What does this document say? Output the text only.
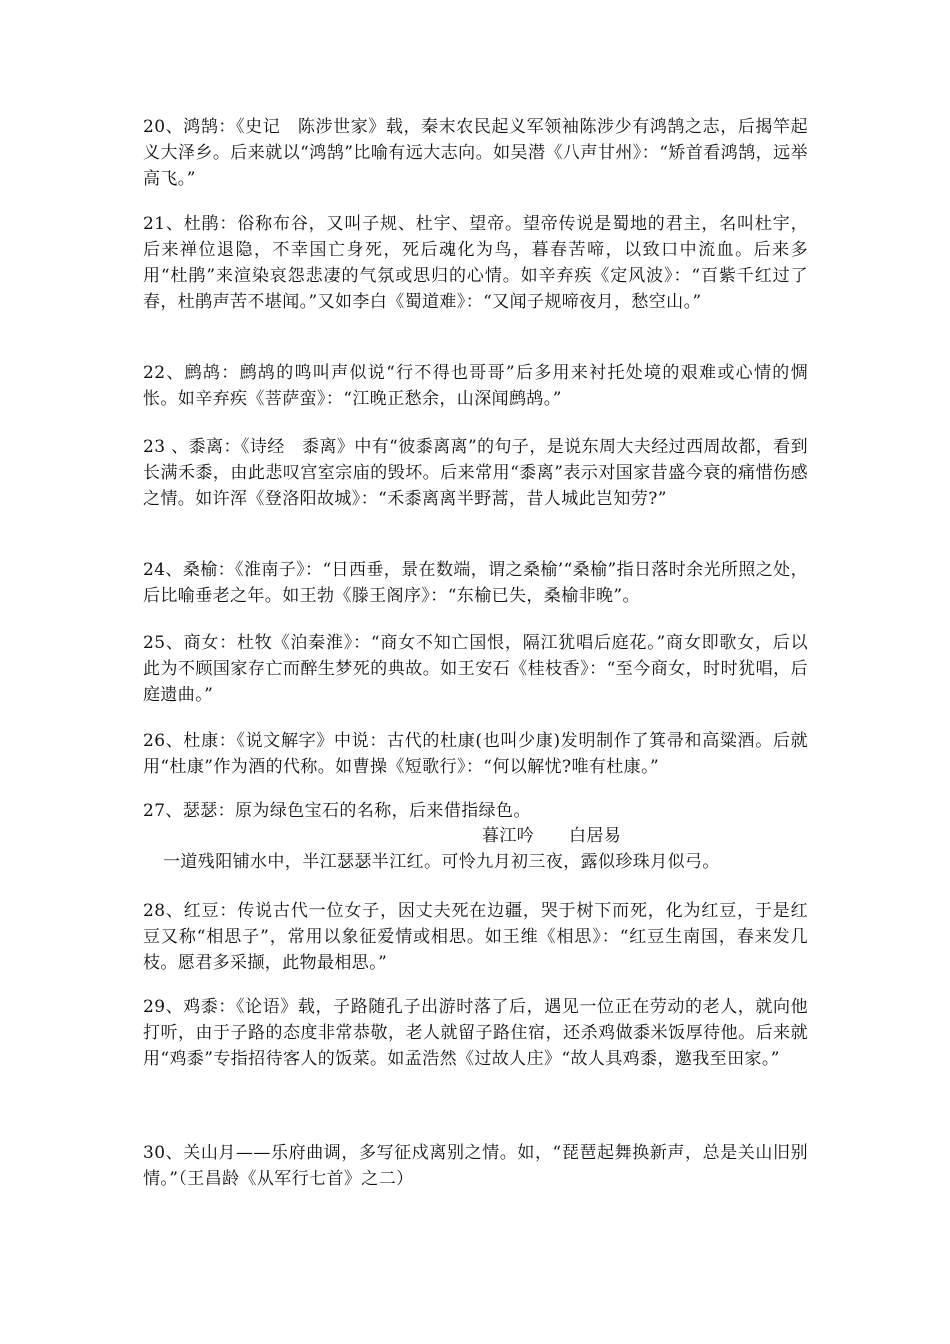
20、鸿鹄：《史记　陈涉世家》载，秦末农民起义军领袖陈涉少有鸿鹄之志，后揭竿起义大泽乡。后来就以“鸿鹄”比喻有远大志向。如吴潜《八声甘州》：“矫首看鸿鹄，远举高飞。”

21、杜鹃：俗称布谷，又叫子规、杜宇、望帝。望帝传说是蜀地的君主，名叫杜宇，后来禅位退隐，不幸国亡身死，死后魂化为鸟，暮春苦啼，以致口中流血。后来多用“杜鹃”来渲染哀怨悲凄的气氛或思归的心情。如辛弃疾《定风波》：“百紫千红过了春，杜鹃声苦不堪闻。”又如李白《蜀道难》：“又闻子规啼夜月，愁空山。”

22、鹧鸪：鹧鸪的鸣叫声似说“行不得也哥哥”后多用来衬托处境的艰难或心情的惆怅。如辛弃疾《菩萨蛮》：“江晚正愁余，山深闻鹧鸪。”

23 、黍离：《诗经　黍离》中有“彼黍离离”的句子，是说东周大夫经过西周故都，看到长满禾黍，由此悲叹宫室宗庙的毁坏。后来常用“黍离”表示对国家昔盛今衰的痛惜伤感之情。如许浑《登洛阳故城》：“禾黍离离半野蒿，昔人城此岂知劳?”

24、桑榆：《淮南子》：“日西垂，景在数端，谓之桑榆’“桑榆”指日落时余光所照之处，后比喻垂老之年。如王勃《滕王阁序》：“东榆已失，桑榆非晚”。

25、商女：杜牧《泊秦淮》：“商女不知亡国恨，隔江犹唱后庭花。”商女即歌女，后以此为不顾国家存亡而醉生梦死的典故。如王安石《桂枝香》：“至今商女，时时犹唱，后庭遗曲。”

26、杜康：《说文解字》中说：古代的杜康(也叫少康)发明制作了箕帚和高粱酒。后就用“杜康”作为酒的代称。如曹操《短歌行》：“何以解忧?唯有杜康。”

27、瑟瑟：原为绿色宝石的名称，后来借指绿色。

暮江吟　　白居易
一道残阳铺水中，半江瑟瑟半江红。可怜九月初三夜，露似珍珠月似弓。

28、红豆：传说古代一位女子，因丈夫死在边疆，哭于树下而死，化为红豆，于是红豆又称“相思子”，常用以象征爱情或相思。如王维《相思》：“红豆生南国，春来发几枝。愿君多采撷，此物最相思。”

29、鸡黍：《论语》载，子路随孔子出游时落了后，遇见一位正在劳动的老人，就向他打听，由于子路的态度非常恭敬，老人就留子路住宿，还杀鸡做黍米饭厚待他。后来就用“鸡黍”专指招待客人的饭菜。如孟浩然《过故人庄》“故人具鸡黍，邀我至田家。”

30、关山月——乐府曲调，多写征戍离别之情。如，“琵琶起舞换新声，总是关山旧别情。”（王昌龄《从军行七首》之二）
